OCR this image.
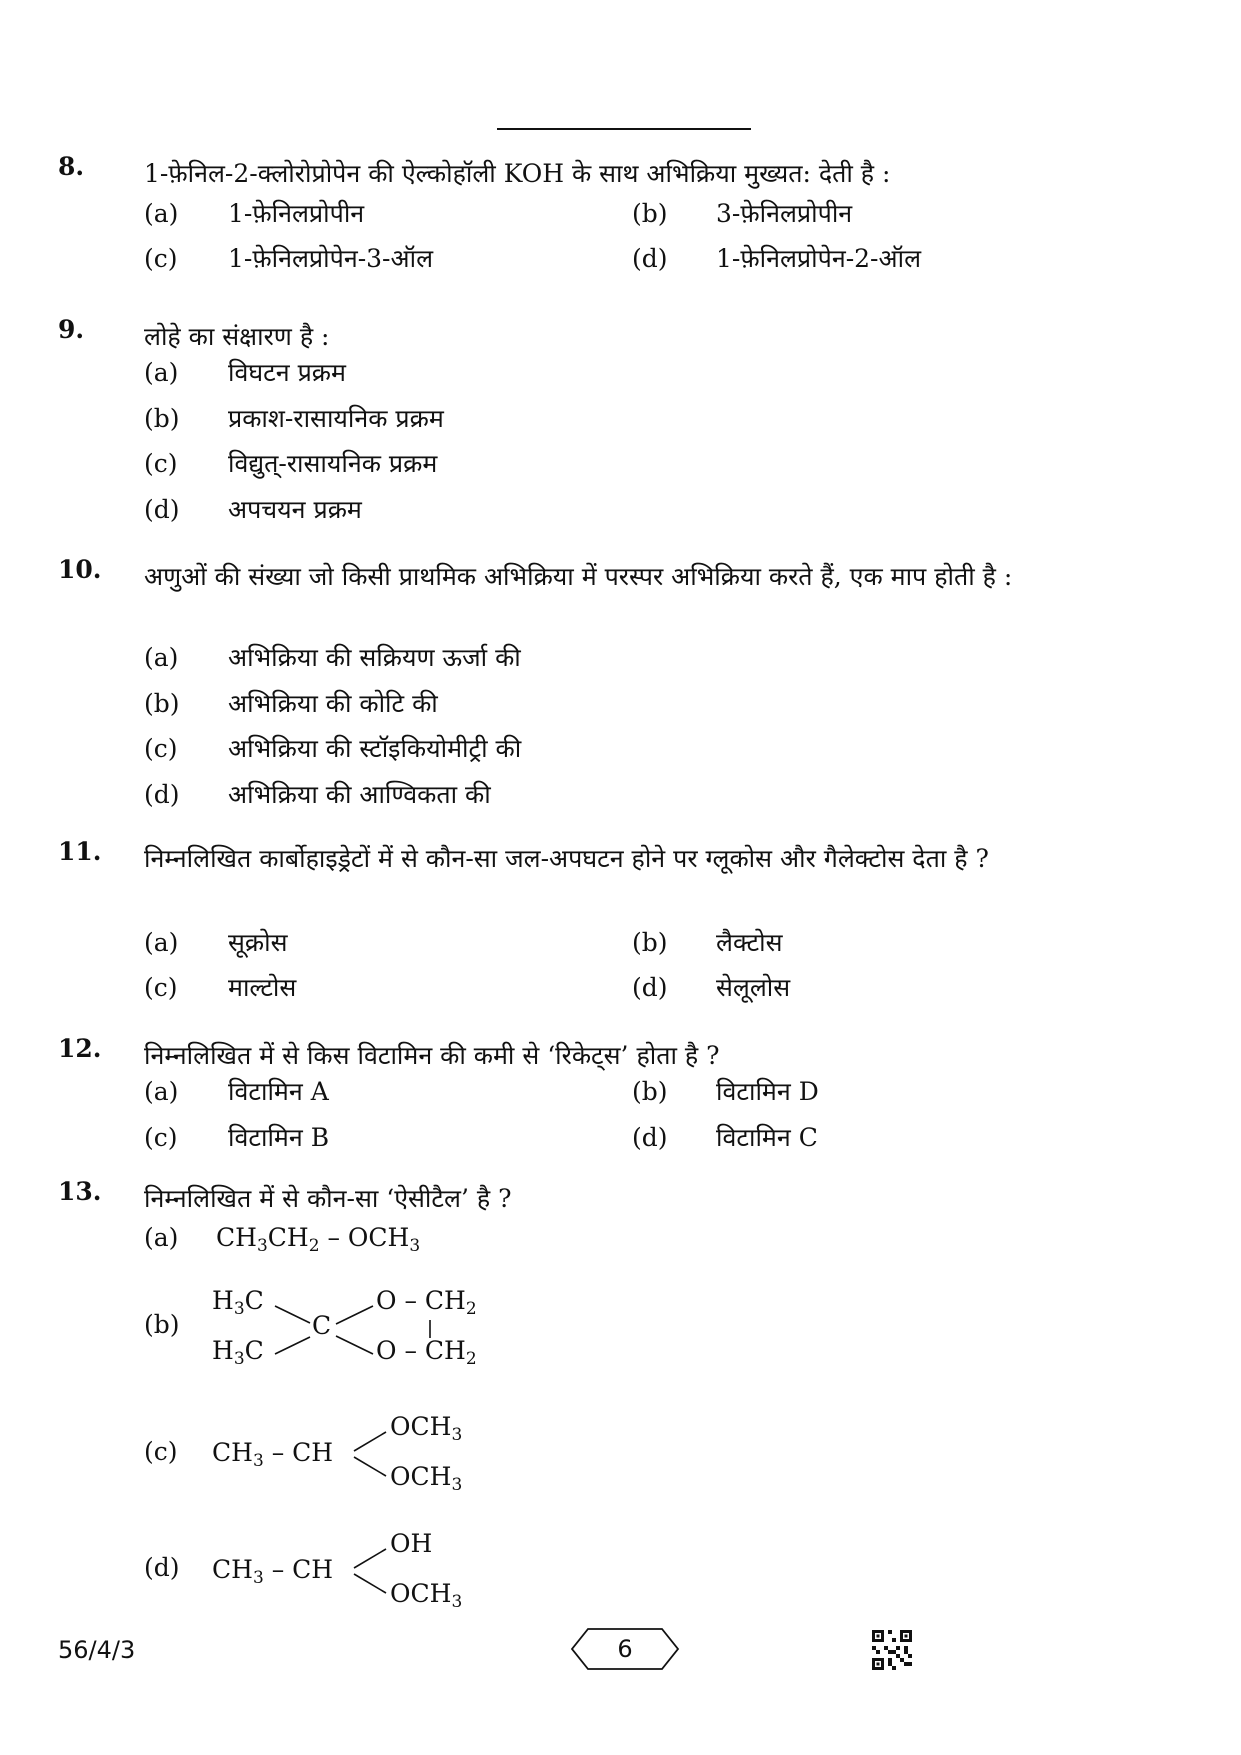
8. 1-फ़ेनिल-2-क्लोरोप्रोपेन की ऐल्कोहॉली KOH के साथ अभिक्रिया मुख्यत: देती है :
(a) 1-फ़ेनिलप्रोपीन	(b) 3-फ़ेनिलप्रोपीन
(c) 1-फ़ेनिलप्रोपेन-3-ऑल	(d) 1-फ़ेनिलप्रोपेन-2-ऑल
9. लोहे का संक्षारण है :
(a) विघटन प्रक्रम
(b) प्रकाश-रासायनिक प्रक्रम
(c) विद्युत्-रासायनिक प्रक्रम
(d) अपचयन प्रक्रम
10. अणुओं की संख्या जो किसी प्राथमिक अभिक्रिया में परस्पर अभिक्रिया करते हैं, एक माप होती है :
(a) अभिक्रिया की सक्रियण ऊर्जा की
(b) अभिक्रिया की कोटि की
(c) अभिक्रिया की स्टॉइकियोमीट्री की
(d) अभिक्रिया की आण्विकता की
11. निम्नलिखित कार्बोहाइड्रेटों में से कौन-सा जल-अपघटन होने पर ग्लूकोस और गैलेक्टोस देता है ?
(a) सूक्रोस	(b) लैक्टोस
(c) माल्टोस	(d) सेलूलोस
12. निम्नलिखित में से किस विटामिन की कमी से ‘रिकेट्स’ होता है ?
(a) विटामिन A	(b) विटामिन D
(c) विटामिन B	(d) विटामिन C
13. निम्नलिखित में से कौन-सा ‘ऐसीटैल’ है ?
(a) $CH_3CH_2 - OCH_3$
(b)
$H_3C$
$H_3C$
C
O – $CH_2$
O – $CH_2$
(c) $CH_3$ – CH
$OCH_3$
$OCH_3$
(d) $CH_3$ – CH
OH
$OCH_3$
56/4/3	6
